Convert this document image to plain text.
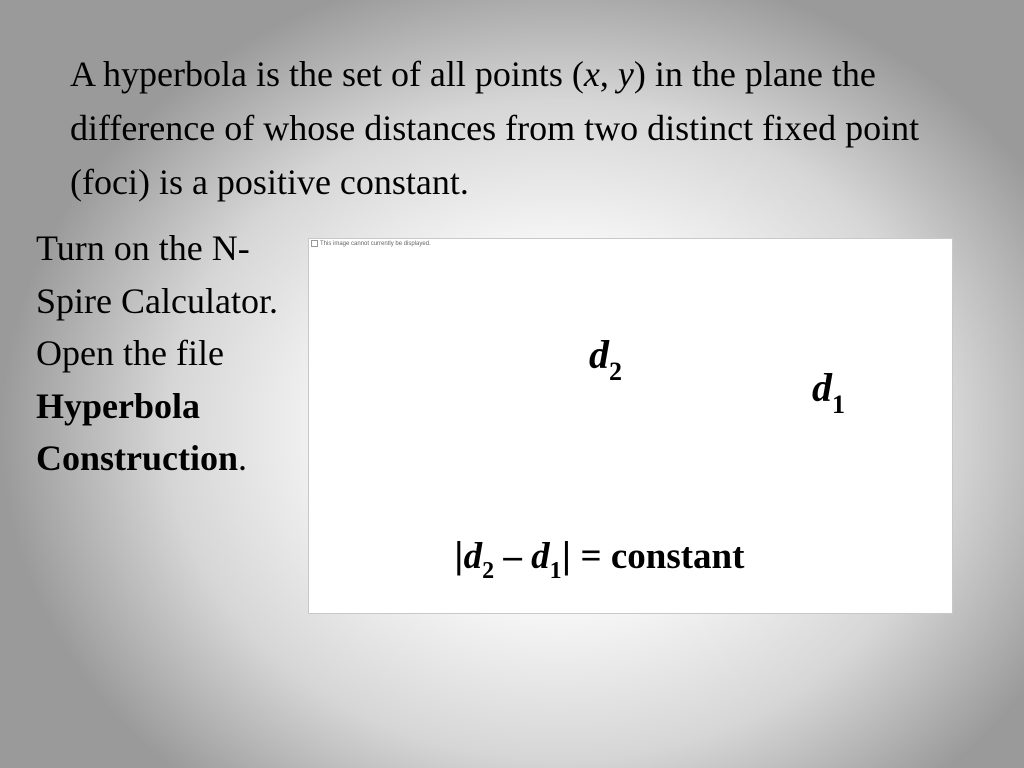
A hyperbola is the set of all points (x, y) in the plane the difference of whose distances from two distinct fixed point (foci) is a positive constant.

Turn on the N-Spire Calculator. Open the file Hyperbola Construction.

This image cannot currently be displayed.
$d_2$	$d_1$
$|d_2 - d_1|$ = constant
